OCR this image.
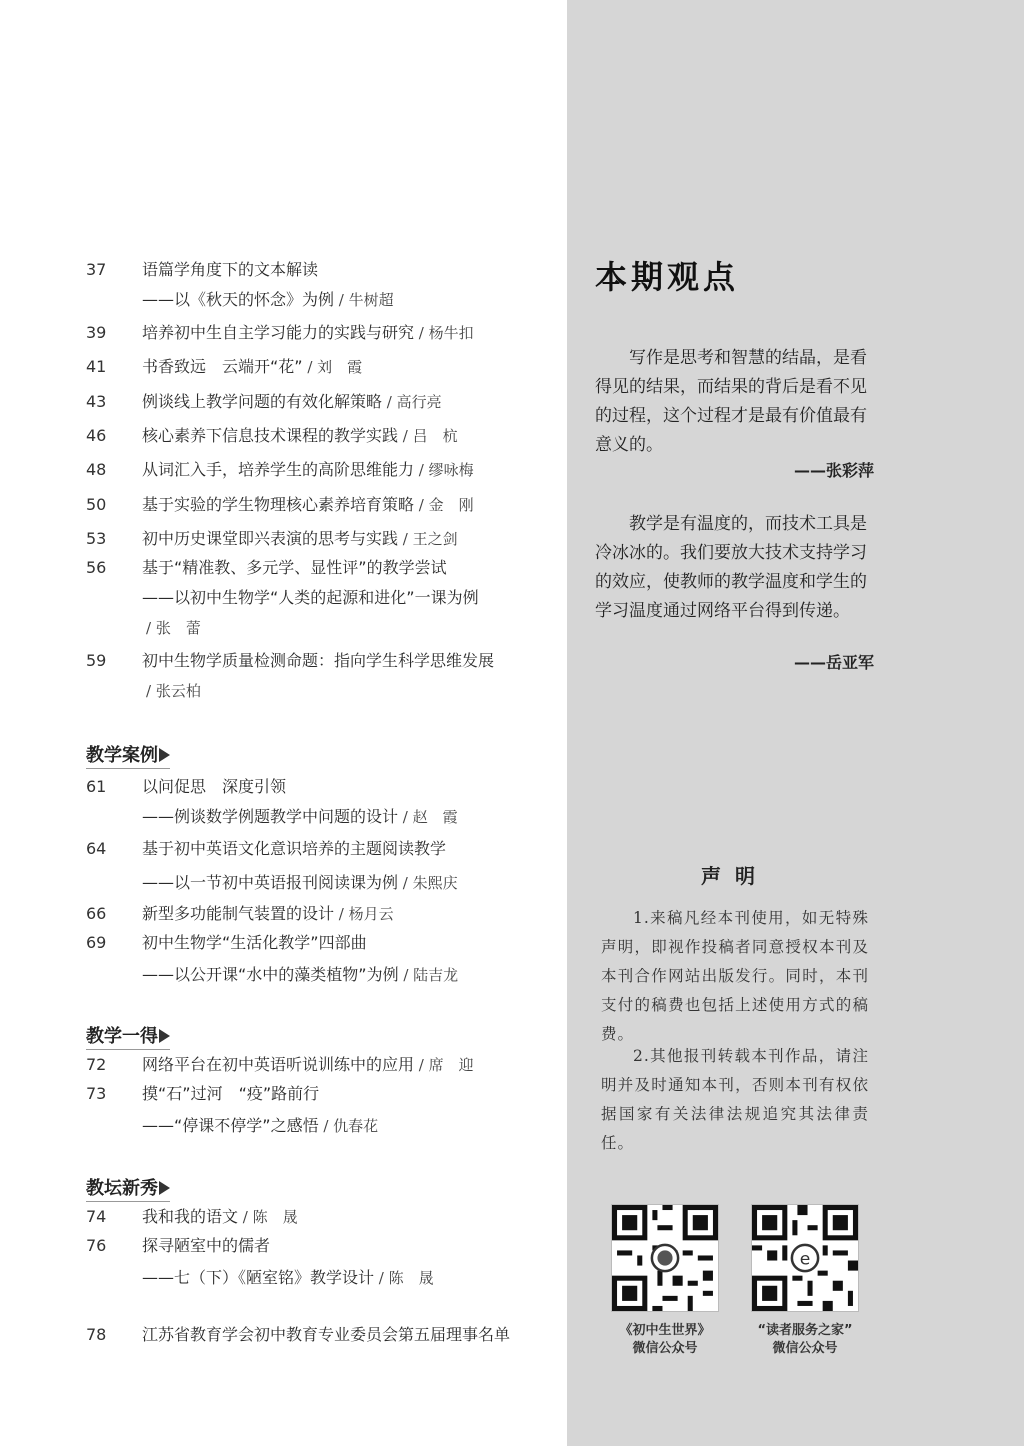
37	语篇学角度下的文本解读
——以《秋天的怀念》为例 / 牛树超
39	培养初中生自主学习能力的实践与研究 / 杨牛扣
41	书香致远　云端开“花” / 刘　霞
43	例谈线上教学问题的有效化解策略 / 高行亮
46	核心素养下信息技术课程的教学实践 / 吕　杭
48	从词汇入手，培养学生的高阶思维能力 / 缪咏梅
50	基于实验的学生物理核心素养培育策略 / 金　刚
53	初中历史课堂即兴表演的思考与实践 / 王之剑
56	基于“精准教、多元学、显性评”的教学尝试
——以初中生物学“人类的起源和进化”一课为例
/ 张　蕾
59	初中生物学质量检测命题：指向学生科学思维发展
/ 张云柏
教学案例
61	以问促思　深度引领
——例谈数学例题教学中问题的设计 / 赵　霞
64	基于初中英语文化意识培养的主题阅读教学
——以一节初中英语报刊阅读课为例 / 朱熙庆
66	新型多功能制气装置的设计 / 杨月云
69	初中生物学“生活化教学”四部曲
——以公开课“水中的藻类植物”为例 / 陆吉龙
教学一得
72	网络平台在初中英语听说训练中的应用 / 席　迎
73	摸“石”过河　“疫”路前行
——“停课不停学”之感悟 / 仇春花
教坛新秀
74	我和我的语文 / 陈　晟
76	探寻陋室中的儒者
——七（下）《陋室铭》教学设计 / 陈　晟
78	江苏省教育学会初中教育专业委员会第五届理事名单
本期观点
写作是思考和智慧的结晶，是看得见的结果，而结果的背后是看不见的过程，这个过程才是最有价值最有意义的。
——张彩萍
教学是有温度的，而技术工具是冷冰冰的。我们要放大技术支持学习的效应，使教师的教学温度和学生的学习温度通过网络平台得到传递。
——岳亚军
声明
1.来稿凡经本刊使用，如无特殊声明，即视作投稿者同意授权本刊及本刊合作网站出版发行。同时，本刊支付的稿费也包括上述使用方式的稿费。
2.其他报刊转载本刊作品，请注明并及时通知本刊，否则本刊有权依据国家有关法律法规追究其法律责任。
《初中生世界》
微信公众号
e
“读者服务之家”
微信公众号
